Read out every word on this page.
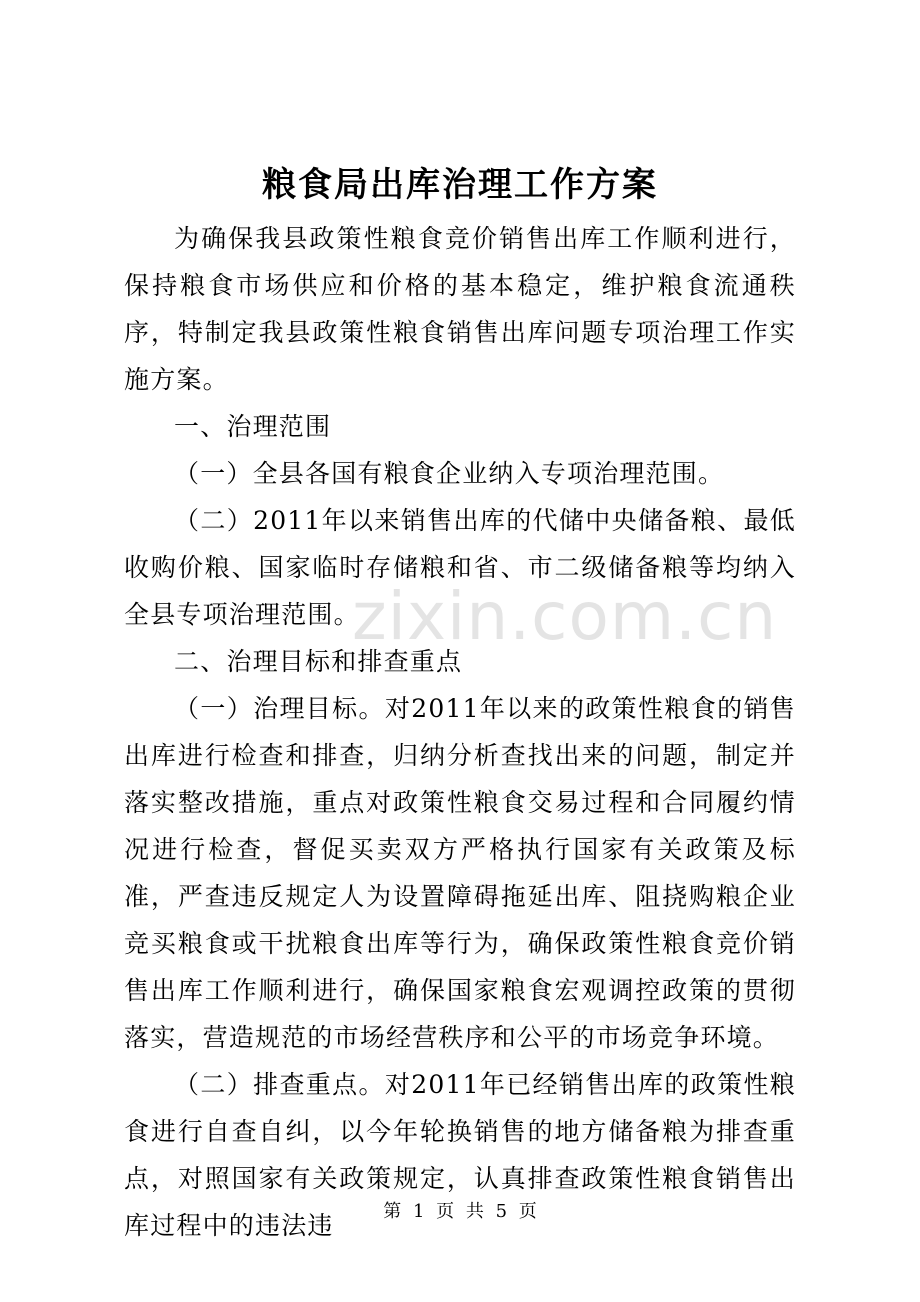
zixin.com.cn
粮食局出库治理工作方案

为确保我县政策性粮食竞价销售出库工作顺利进行，保持粮食市场供应和价格的基本稳定，维护粮食流通秩序，特制定我县政策性粮食销售出库问题专项治理工作实施方案。

一、治理范围

（一）全县各国有粮食企业纳入专项治理范围。

（二）2011年以来销售出库的代储中央储备粮、最低收购价粮、国家临时存储粮和省、市二级储备粮等均纳入全县专项治理范围。

二、治理目标和排查重点

（一）治理目标。对2011年以来的政策性粮食的销售出库进行检查和排查，归纳分析查找出来的问题，制定并落实整改措施，重点对政策性粮食交易过程和合同履约情况进行检查，督促买卖双方严格执行国家有关政策及标准，严查违反规定人为设置障碍拖延出库、阻挠购粮企业竞买粮食或干扰粮食出库等行为，确保政策性粮食竞价销售出库工作顺利进行，确保国家粮食宏观调控政策的贯彻落实，营造规范的市场经营秩序和公平的市场竞争环境。

（二）排查重点。对2011年已经销售出库的政策性粮食进行自查自纠，以今年轮换销售的地方储备粮为排查重点，对照国家有关政策规定，认真排查政策性粮食销售出库过程中的违法违	第 1 页 共 5 页
